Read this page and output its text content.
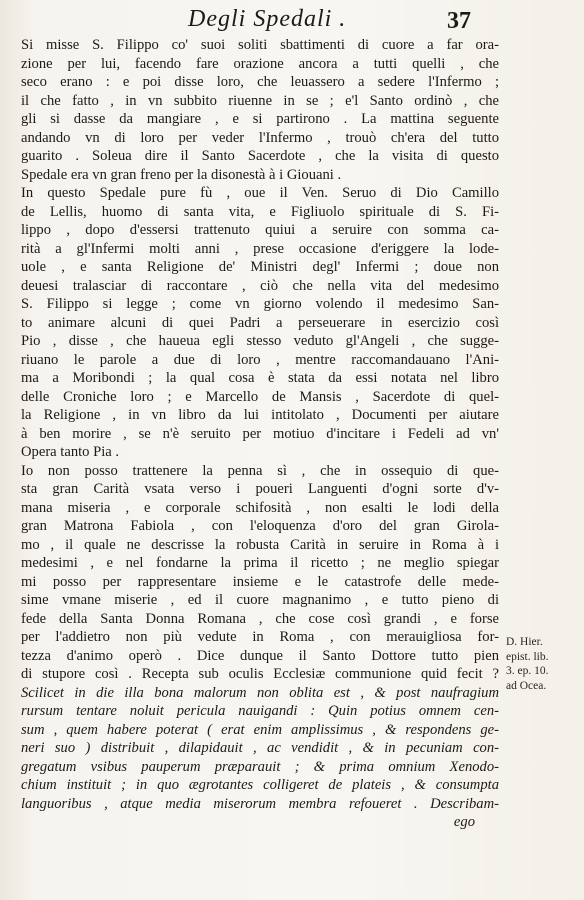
Degli Spedali .	37
Si misse S. Filippo co' suoi soliti sbattimenti di cuore a far ora-
zione per lui, facendo fare orazione ancora a tutti quelli , che
seco erano : e poi disse loro, che leuassero a sedere l'Infermo ;
il che fatto , in vn subbito riuenne in se ; e'l Santo ordinò , che
gli si dasse da mangiare , e si partirono . La mattina seguente
andando vn di loro per veder l'Infermo , trouò ch'era del tutto
guarito . Soleua dire il Santo Sacerdote , che la visita di questo
Spedale era vn gran freno per la disonestà à i Giouani .
In questo Spedale pure fù , oue il Ven. Seruo di Dio Camillo
de Lellis, huomo di santa vita, e Figliuolo spirituale di S. Fi-
lippo , dopo d'essersi trattenuto quiui a seruire con somma ca-
rità a gl'Infermi molti anni , prese occasione d'eriggere la lode-
uole , e santa Religione de' Ministri degl' Infermi ; doue non
deuesi tralasciar di raccontare , ciò che nella vita del medesimo
S. Filippo si legge ; come vn giorno volendo il medesimo San-
to animare alcuni di quei Padri a perseuerare in esercizio così
Pio , disse , che haueua egli stesso veduto gl'Angeli , che sugge-
riuano le parole a due di loro , mentre raccomandauano l'Ani-
ma a Moribondi ; la qual cosa è stata da essi notata nel libro
delle Croniche loro ; e Marcello de Mansis , Sacerdote di quel-
la Religione , in vn libro da lui intitolato , Documenti per aiutare
à ben morire , se n'è seruito per motiuo d'incitare i Fedeli ad vn'
Opera tanto Pia .
Io non posso trattenere la penna sì , che in ossequio di que-
sta gran Carità vsata verso i poueri Languenti d'ogni sorte d'v-
mana miseria , e corporale schifosità , non esalti le lodi della
gran Matrona Fabiola , con l'eloquenza d'oro del gran Girola-
mo , il quale ne descrisse la robusta Carità in seruire in Roma à i
medesimi , e nel fondarne la prima il ricetto ; ne meglio spiegar
mi posso per rappresentare insieme e le catastrofe delle mede-
sime vmane miserie , ed il cuore magnanimo , e tutto pieno di
fede della Santa Donna Romana , che cose così grandi , e forse
per l'addietro non più vedute in Roma , con merauigliosa for-
tezza d'animo operò . Dice dunque il Santo Dottore tutto pien
di stupore così . Recepta sub oculis Ecclesiæ communione quid fecit ?
Scilicet in die illa bona malorum non oblita est , & post naufragium
rursum tentare noluit pericula nauigandi : Quin potius omnem cen-
sum , quem habere poterat ( erat enim amplissimus , & respondens ge-
neri suo ) distribuit , dilapidauit , ac vendidit , & in pecuniam con-
gregatum vsibus pauperum præparauit ; & prima omnium Xenodo-
chium instituit ; in quo ægrotantes colligeret de plateis , & consumpta
languoribus , atque media miserorum membra refoueret . Describam-
ego
D. Hier.
epist. lib.
3. ep. 10.
ad Ocea.
